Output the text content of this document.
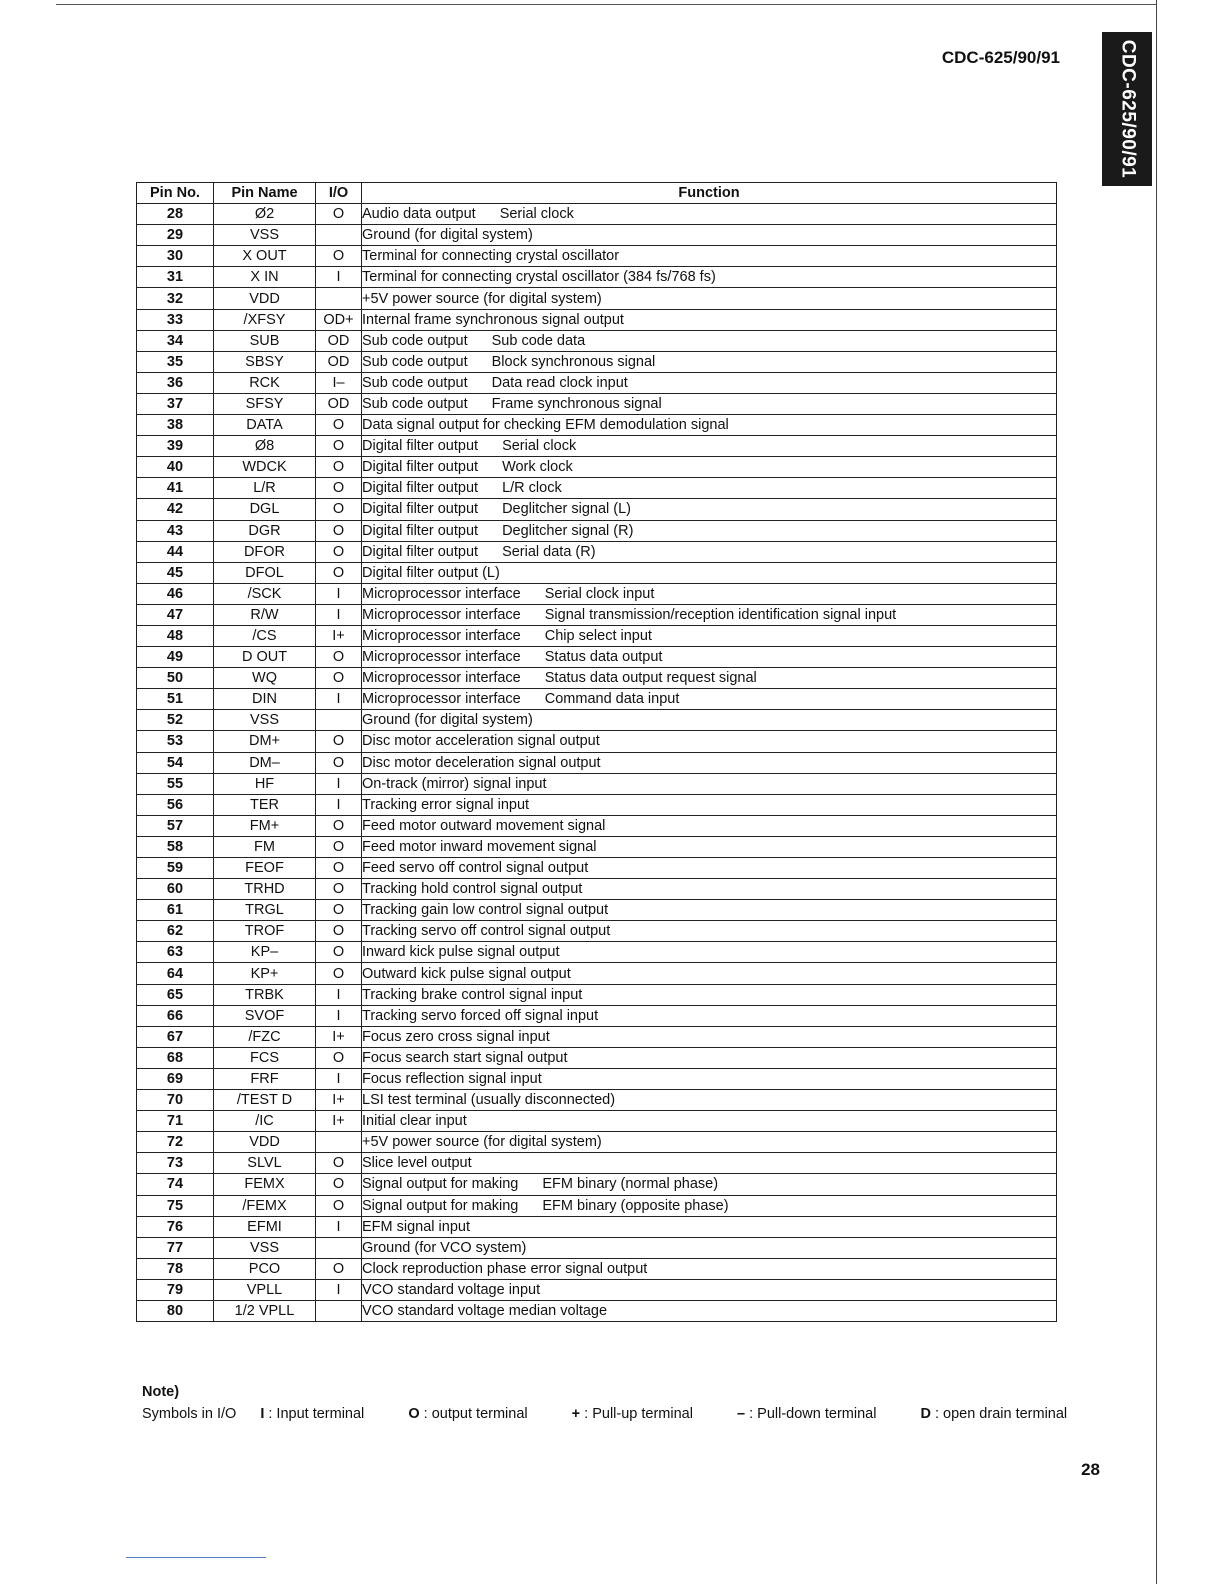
CDC-625/90/91
CDC-625/90/91
Pin No.	Pin Name	I/O	Function
28	Ø2	O	Audio data output Serial clock
29	VSS		Ground (for digital system)
30	X OUT	O	Terminal for connecting crystal oscillator
31	X IN	I	Terminal for connecting crystal oscillator (384 fs/768 fs)
32	VDD		+5V power source (for digital system)
33	/XFSY	OD+	Internal frame synchronous signal output
34	SUB	OD	Sub code output Sub code data
35	SBSY	OD	Sub code output Block synchronous signal
36	RCK	I–	Sub code output Data read clock input
37	SFSY	OD	Sub code output Frame synchronous signal
38	DATA	O	Data signal output for checking EFM demodulation signal
39	Ø8	O	Digital filter output Serial clock
40	WDCK	O	Digital filter output Work clock
41	L/R	O	Digital filter output L/R clock
42	DGL	O	Digital filter output Deglitcher signal (L)
43	DGR	O	Digital filter output Deglitcher signal (R)
44	DFOR	O	Digital filter output Serial data (R)
45	DFOL	O	Digital filter output (L)
46	/SCK	I	Microprocessor interface Serial clock input
47	R/W	I	Microprocessor interface Signal transmission/reception identification signal input
48	/CS	I+	Microprocessor interface Chip select input
49	D OUT	O	Microprocessor interface Status data output
50	WQ	O	Microprocessor interface Status data output request signal
51	DIN	I	Microprocessor interface Command data input
52	VSS		Ground (for digital system)
53	DM+	O	Disc motor acceleration signal output
54	DM–	O	Disc motor deceleration signal output
55	HF	I	On-track (mirror) signal input
56	TER	I	Tracking error signal input
57	FM+	O	Feed motor outward movement signal
58	FM	O	Feed motor inward movement signal
59	FEOF	O	Feed servo off control signal output
60	TRHD	O	Tracking hold control signal output
61	TRGL	O	Tracking gain low control signal output
62	TROF	O	Tracking servo off control signal output
63	KP–	O	Inward kick pulse signal output
64	KP+	O	Outward kick pulse signal output
65	TRBK	I	Tracking brake control signal input
66	SVOF	I	Tracking servo forced off signal input
67	/FZC	I+	Focus zero cross signal input
68	FCS	O	Focus search start signal output
69	FRF	I	Focus reflection signal input
70	/TEST D	I+	LSI test terminal (usually disconnected)
71	/IC	I+	Initial clear input
72	VDD		+5V power source (for digital system)
73	SLVL	O	Slice level output
74	FEMX	O	Signal output for making EFM binary (normal phase)
75	/FEMX	O	Signal output for making EFM binary (opposite phase)
76	EFMI	I	EFM signal input
77	VSS		Ground (for VCO system)
78	PCO	O	Clock reproduction phase error signal output
79	VPLL	I	VCO standard voltage input
80	1/2 VPLL		VCO standard voltage median voltage
Note)
Symbols in I/O I : Input terminal	O : output terminal	+ : Pull-up terminal	– : Pull-down terminal	D : open drain terminal
28
